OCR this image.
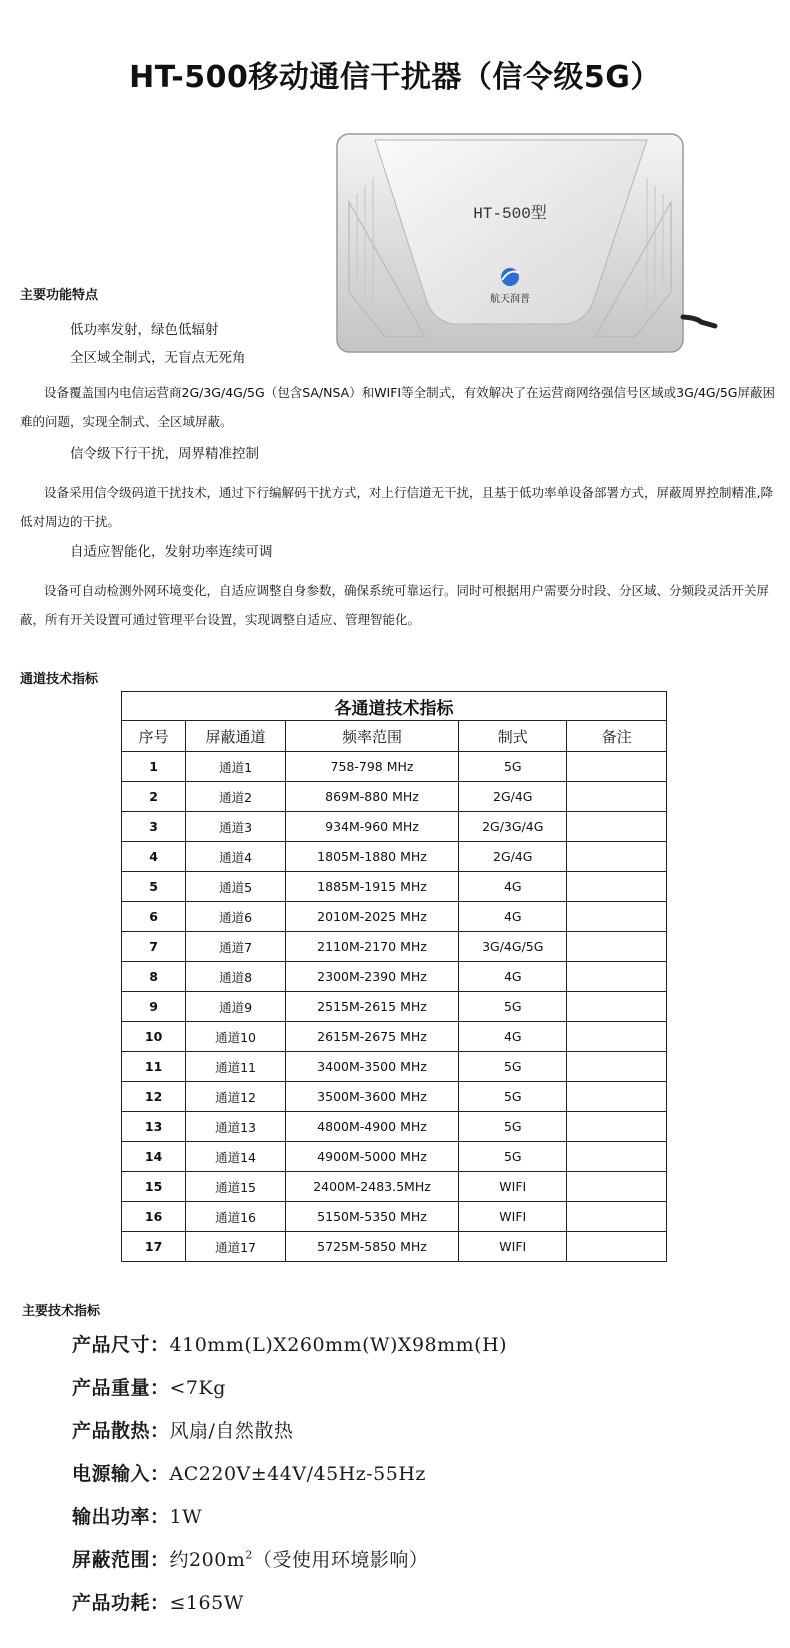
HT-500移动通信干扰器（信令级5G）
HT-500型
航天润普
主要功能特点
低功率发射，绿色低辐射
全区域全制式，无盲点无死角
设备覆盖国内电信运营商2G/3G/4G/5G（包含SA/NSA）和WIFI等全制式，有效解决了在运营商网络强信号区域或3G/4G/5G屏蔽困难的问题，实现全制式、全区域屏蔽。
信令级下行干扰，周界精准控制
设备采用信令级码道干扰技术，通过下行编解码干扰方式，对上行信道无干扰，且基于低功率单设备部署方式，屏蔽周界控制精准,降低对周边的干扰。
自适应智能化，发射功率连续可调
设备可自动检测外网环境变化，自适应调整自身参数，确保系统可靠运行。同时可根据用户需要分时段、分区域、分频段灵活开关屏蔽，所有开关设置可通过管理平台设置，实现调整自适应、管理智能化。
通道技术指标
各通道技术指标				
序号	屏蔽通道	频率范围	制式	备注
1	通道1	758-798 MHz	5G	
2	通道2	869M-880 MHz	2G/4G	
3	通道3	934M-960 MHz	2G/3G/4G	
4	通道4	1805M-1880 MHz	2G/4G	
5	通道5	1885M-1915 MHz	4G	
6	通道6	2010M-2025 MHz	4G	
7	通道7	2110M-2170 MHz	3G/4G/5G	
8	通道8	2300M-2390 MHz	4G	
9	通道9	2515M-2615 MHz	5G	
10	通道10	2615M-2675 MHz	4G	
11	通道11	3400M-3500 MHz	5G	
12	通道12	3500M-3600 MHz	5G	
13	通道13	4800M-4900 MHz	5G	
14	通道14	4900M-5000 MHz	5G	
15	通道15	2400M-2483.5MHz	WIFI	
16	通道16	5150M-5350 MHz	WIFI	
17	通道17	5725M-5850 MHz	WIFI	
主要技术指标
产品尺寸：410mm(L)X260mm(W)X98mm(H)
产品重量：<7Kg
产品散热：风扇/自然散热
电源输入：AC220V±44V/45Hz-55Hz
输出功率：1W
屏蔽范围：约$200m^2$（受使用环境影响）
产品功耗：≤165W
